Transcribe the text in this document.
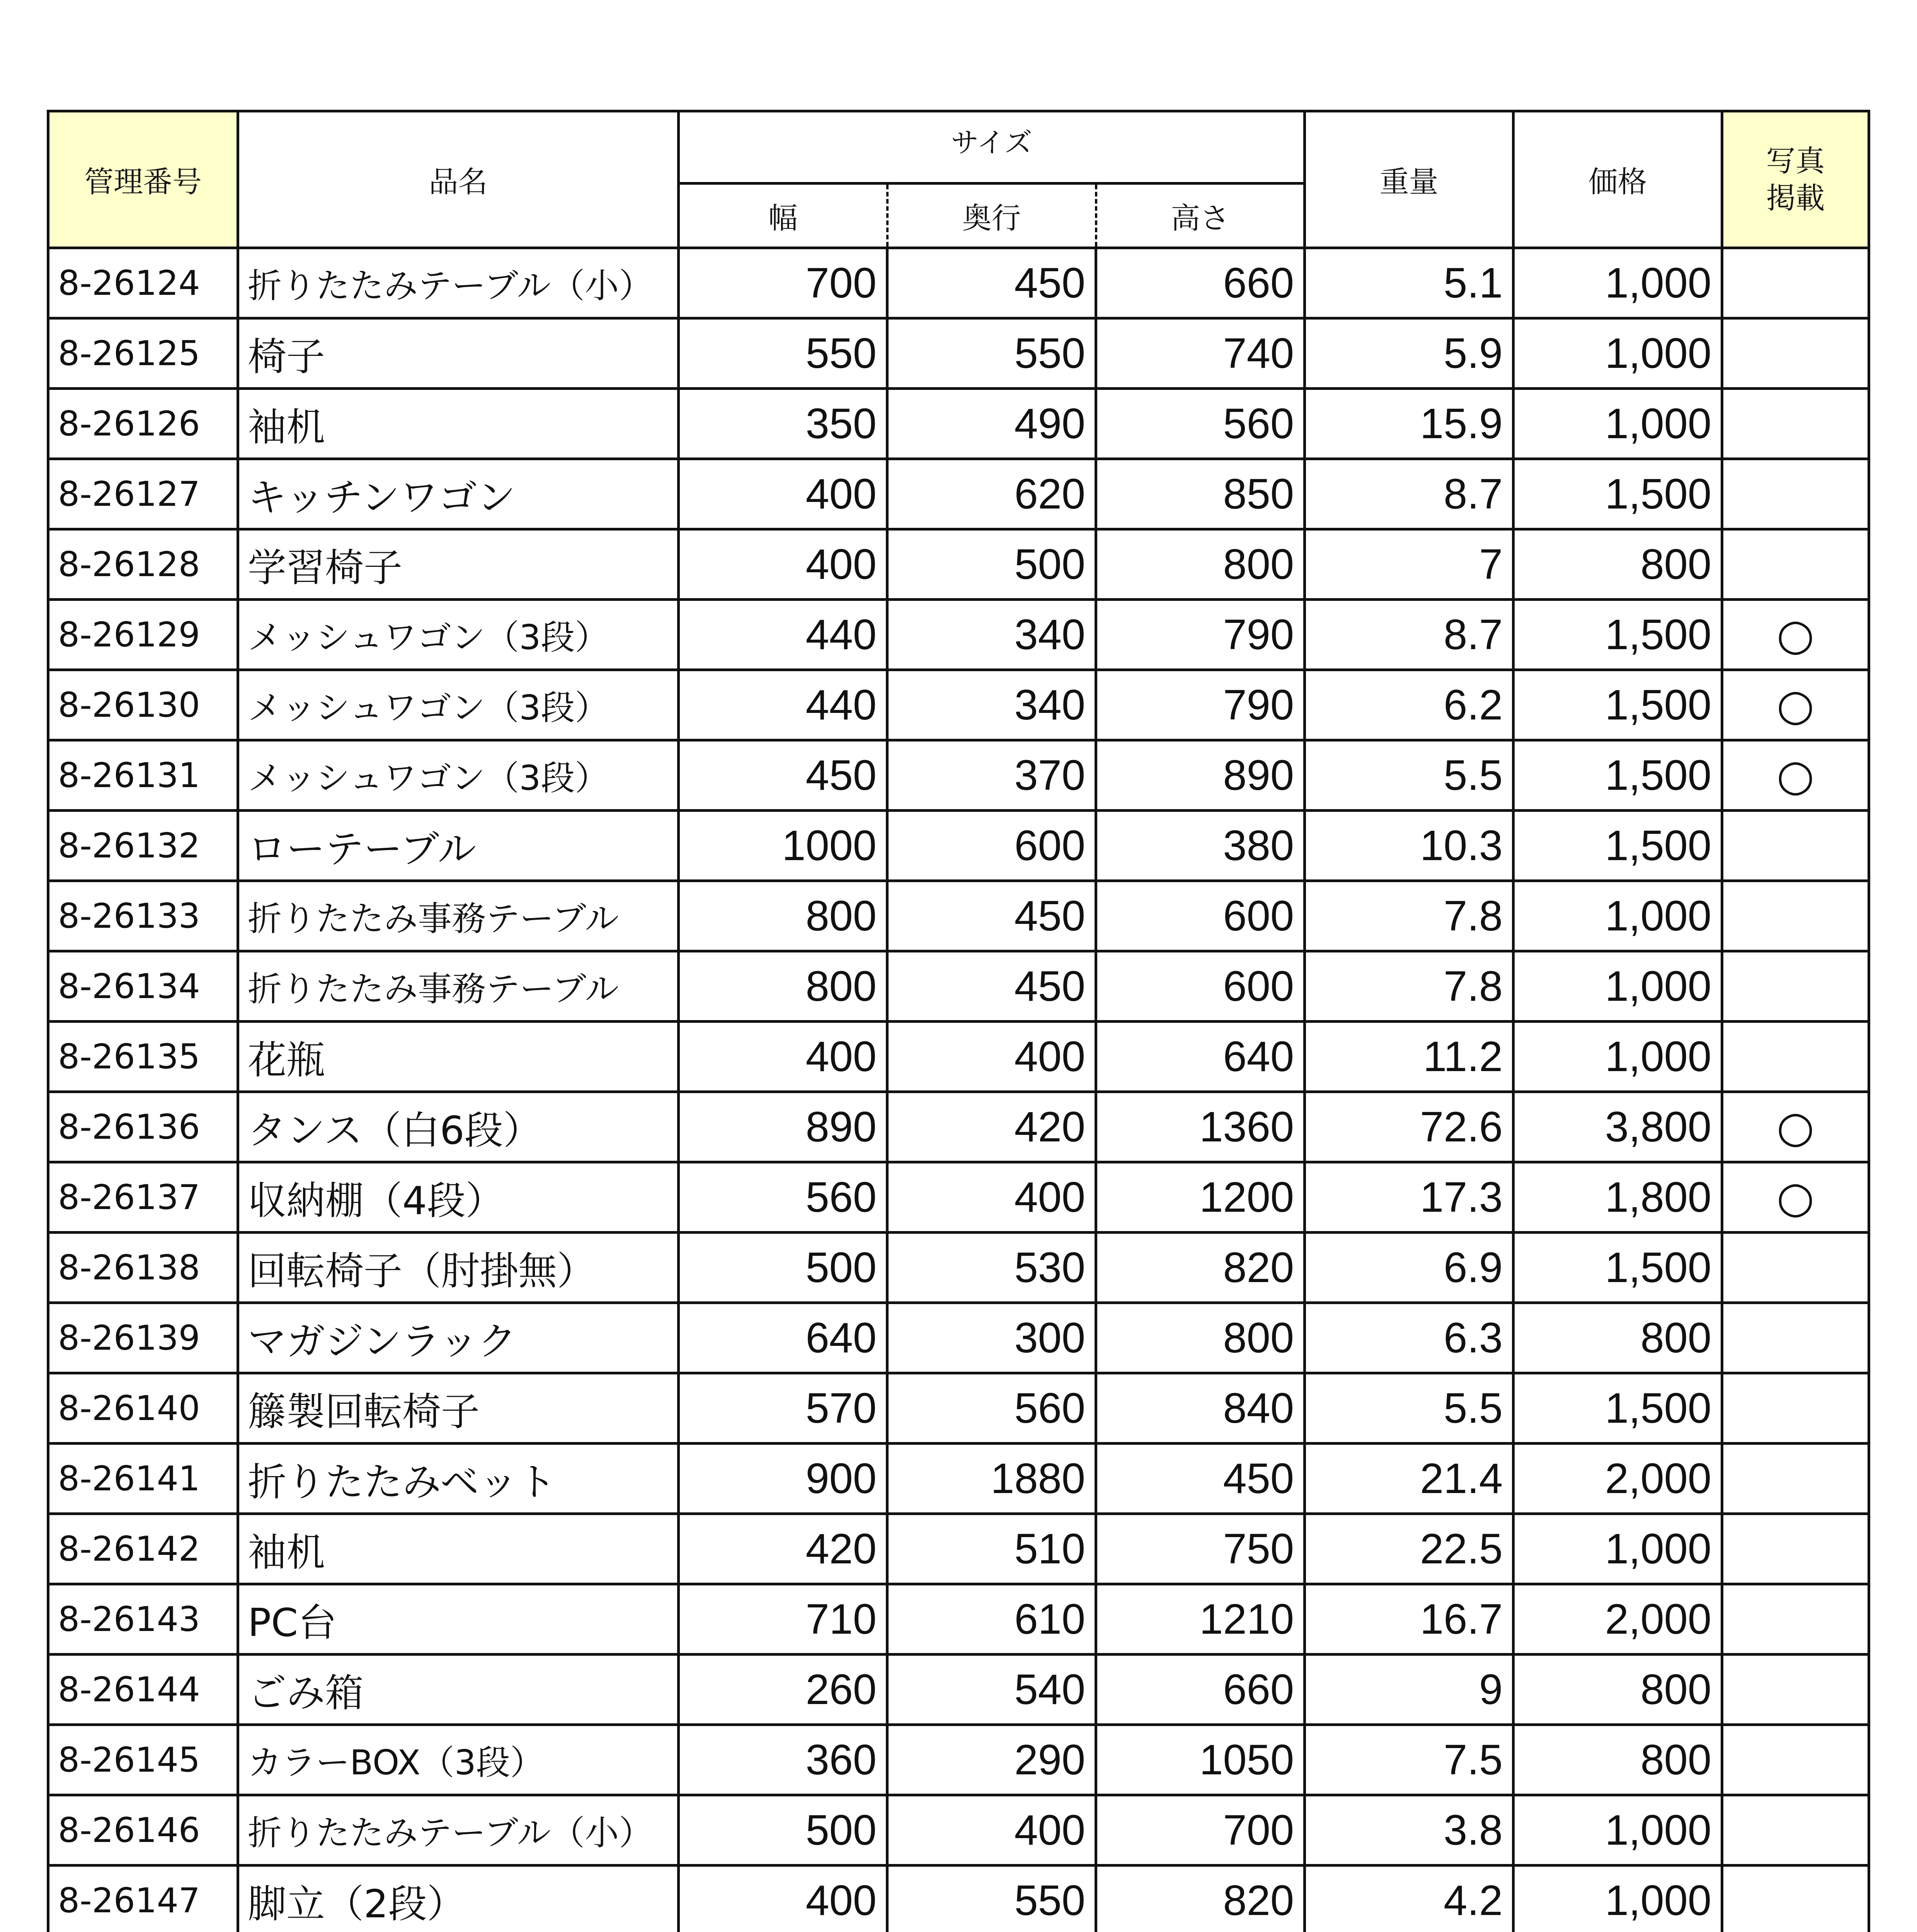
管理番号	品名	サイズ			重量	価格	写真
掲載

		幅	奥行	高さ			
8-26124	折りたたみテーブル（小）	700	450	660	5.1	1,000	
8-26125	椅子	550	550	740	5.9	1,000	
8-26126	袖机	350	490	560	15.9	1,000	
8-26127	キッチンワゴン	400	620	850	8.7	1,500	
8-26128	学習椅子	400	500	800	7	800	
8-26129	メッシュワゴン（3段）	440	340	790	8.7	1,500	○
8-26130	メッシュワゴン（3段）	440	340	790	6.2	1,500	○
8-26131	メッシュワゴン（3段）	450	370	890	5.5	1,500	○
8-26132	ローテーブル	1000	600	380	10.3	1,500	
8-26133	折りたたみ事務テーブル	800	450	600	7.8	1,000	
8-26134	折りたたみ事務テーブル	800	450	600	7.8	1,000	
8-26135	花瓶	400	400	640	11.2	1,000	
8-26136	タンス（白6段）	890	420	1360	72.6	3,800	○
8-26137	収納棚（4段）	560	400	1200	17.3	1,800	○
8-26138	回転椅子（肘掛無）	500	530	820	6.9	1,500	
8-26139	マガジンラック	640	300	800	6.3	800	
8-26140	籐製回転椅子	570	560	840	5.5	1,500	
8-26141	折りたたみベット	900	1880	450	21.4	2,000	
8-26142	袖机	420	510	750	22.5	1,000	
8-26143	PC台	710	610	1210	16.7	2,000	
8-26144	ごみ箱	260	540	660	9	800	
8-26145	カラーBOX（3段）	360	290	1050	7.5	800	
8-26146	折りたたみテーブル（小）	500	400	700	3.8	1,000	
8-26147	脚立（2段）	400	550	820	4.2	1,000	
